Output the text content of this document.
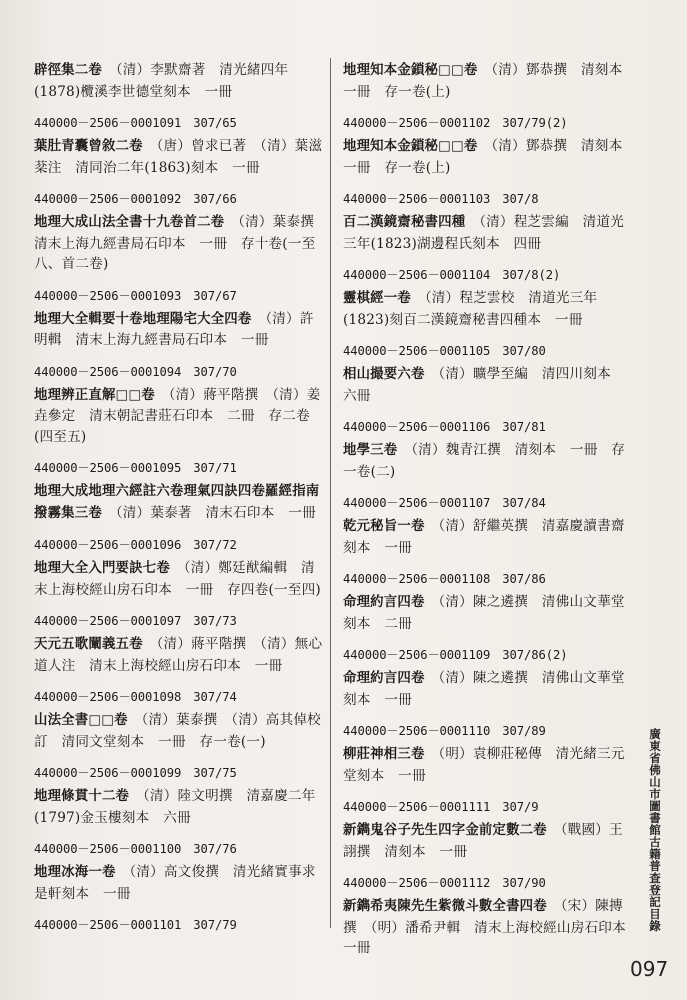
辟徑集二卷　 （清）李默齋著　清光緒四年(1878)欖溪李世德堂刻本　一冊
440000－2506－0001091　307/65
葉肚青囊曾敘二卷　 （唐）曾求已著　（清）葉滋棻注　清同治二年(1863)刻本　一冊
440000－2506－0001092　307/66
地理大成山法全書十九卷首二卷　 （清）葉泰撰　清末上海九經書局石印本　一冊　存十卷(一至八、首二卷)
440000－2506－0001093　307/67
地理大全輯要十卷地理陽宅大全四卷　 （清）許明輯　清末上海九經書局石印本　一冊
440000－2506－0001094　307/70
地理辨正直解□□卷　 （清）蔣平階撰　（清）姜垚參定　清末朝記書莊石印本　二冊　存二卷(四至五)
440000－2506－0001095　307/71
地理大成地理六經註六卷理氣四訣四卷羅經指南撥霧集三卷　 （清）葉泰著　清末石印本　一冊
440000－2506－0001096　307/72
地理大全入門要訣七卷　 （清）鄭廷猷編輯　清末上海校經山房石印本　一冊　存四卷(一至四)
440000－2506－0001097　307/73
天元五歌闡義五卷　 （清）蔣平階撰　（清）無心道人注　清末上海校經山房石印本　一冊
440000－2506－0001098　307/74
山法全書□□卷　 （清）葉泰撰　（清）高其倬校訂　清同文堂刻本　一冊　存一卷(一)
440000－2506－0001099　307/75
地理條貫十二卷　 （清）陸文明撰　清嘉慶二年(1797)金玉樓刻本　六冊
440000－2506－0001100　307/76
地理冰海一卷　 （清）高文俊撰　清光緒實事求是軒刻本　一冊
440000－2506－0001101　307/79
地理知本金鎖秘□□卷　 （清）鄧恭撰　清刻本　一冊　存一卷(上)
440000－2506－0001102　307/79(2)
地理知本金鎖秘□□卷　 （清）鄧恭撰　清刻本　一冊　存一卷(上)
440000－2506－0001103　307/8
百二漢鏡齋秘書四種　 （清）程芝雲編　清道光三年(1823)湖邊程氏刻本　四冊
440000－2506－0001104　307/8(2)
靈棋經一卷　 （清）程芝雲校　清道光三年(1823)刻百二漢鏡齋秘書四種本　一冊
440000－2506－0001105　307/80
相山撮要六卷　 （清）曠學至編　清四川刻本　六冊
440000－2506－0001106　307/81
地學三卷　 （清）魏青江撰　清刻本　一冊　存一卷(二)
440000－2506－0001107　307/84
乾元秘旨一卷　 （清）舒繼英撰　清嘉慶讀書齋刻本　一冊
440000－2506－0001108　307/86
命理約言四卷　 （清）陳之遴撰　清佛山文華堂刻本　二冊
440000－2506－0001109　307/86(2)
命理約言四卷　 （清）陳之遴撰　清佛山文華堂刻本　一冊
440000－2506－0001110　307/89
柳莊神相三卷　 （明）袁柳莊秘傳　清光緒三元堂刻本　一冊
440000－2506－0001111　307/9
新鐫鬼谷子先生四字金前定數二卷　 （戰國）王詡撰　清刻本　一冊
440000－2506－0001112　307/90
新鐫希夷陳先生紫微斗數全書四卷　 （宋）陳摶撰　（明）潘希尹輯　清末上海校經山房石印本　一冊
廣東省佛山市圖書館古籍普查登記目錄
097
